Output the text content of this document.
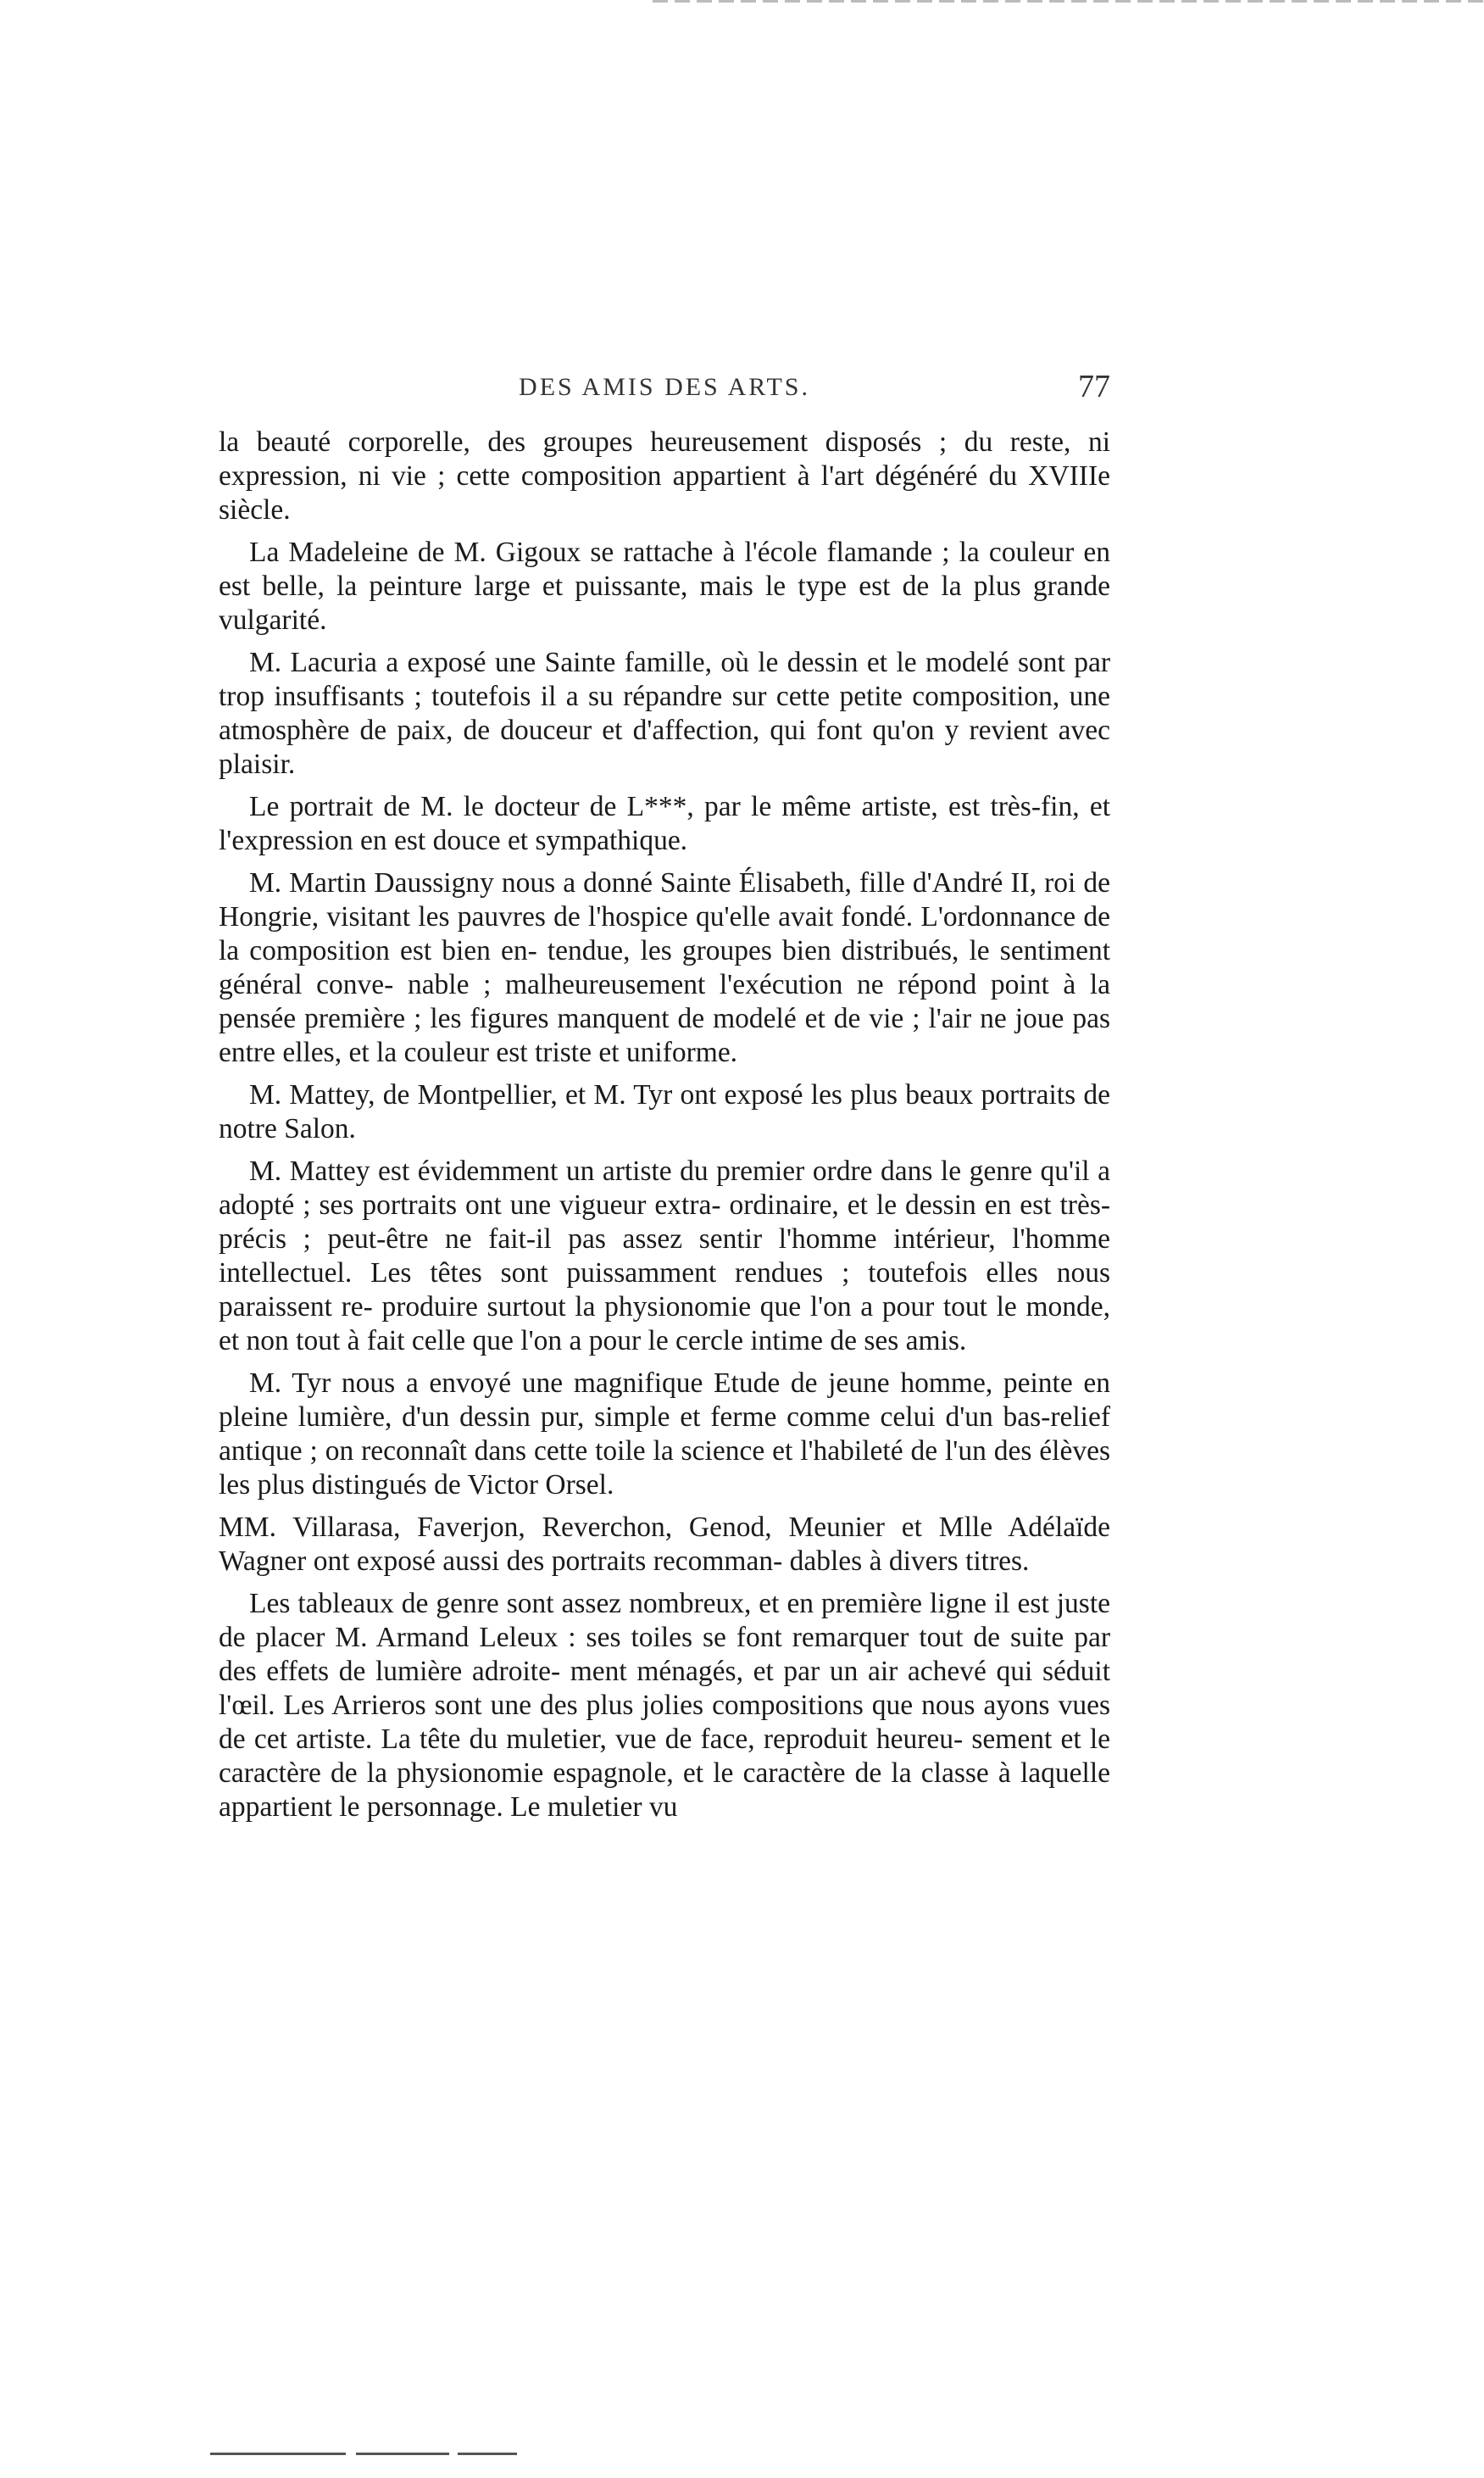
DES AMIS DES ARTS.	77
la beauté corporelle, des groupes heureusement disposés ; du reste, ni expression, ni vie ; cette composition appartient à l'art dégénéré du XVIIIe siècle.
La Madeleine de M. Gigoux se rattache à l'école flamande ; la couleur en est belle, la peinture large et puissante, mais le type est de la plus grande vulgarité.
M. Lacuria a exposé une Sainte famille, où le dessin et le modelé sont par trop insuffisants ; toutefois il a su répandre sur cette petite composition, une atmosphère de paix, de douceur et d'affection, qui font qu'on y revient avec plaisir.
Le portrait de M. le docteur de L***, par le même artiste, est très-fin, et l'expression en est douce et sympathique.
M. Martin Daussigny nous a donné Sainte Élisabeth, fille d'André II, roi de Hongrie, visitant les pauvres de l'hospice qu'elle avait fondé. L'ordonnance de la composition est bien en- tendue, les groupes bien distribués, le sentiment général conve- nable ; malheureusement l'exécution ne répond point à la pensée première ; les figures manquent de modelé et de vie ; l'air ne joue pas entre elles, et la couleur est triste et uniforme.
M. Mattey, de Montpellier, et M. Tyr ont exposé les plus beaux portraits de notre Salon.
M. Mattey est évidemment un artiste du premier ordre dans le genre qu'il a adopté ; ses portraits ont une vigueur extra- ordinaire, et le dessin en est très-précis ; peut-être ne fait-il pas assez sentir l'homme intérieur, l'homme intellectuel. Les têtes sont puissamment rendues ; toutefois elles nous paraissent re- produire surtout la physionomie que l'on a pour tout le monde, et non tout à fait celle que l'on a pour le cercle intime de ses amis.
M. Tyr nous a envoyé une magnifique Etude de jeune homme, peinte en pleine lumière, d'un dessin pur, simple et ferme comme celui d'un bas-relief antique ; on reconnaît dans cette toile la science et l'habileté de l'un des élèves les plus distingués de Victor Orsel.
MM. Villarasa, Faverjon, Reverchon, Genod, Meunier et Mlle Adélaïde Wagner ont exposé aussi des portraits recomman- dables à divers titres.
Les tableaux de genre sont assez nombreux, et en première ligne il est juste de placer M. Armand Leleux : ses toiles se font remarquer tout de suite par des effets de lumière adroite- ment ménagés, et par un air achevé qui séduit l'œil. Les Arrieros sont une des plus jolies compositions que nous ayons vues de cet artiste. La tête du muletier, vue de face, reproduit heureu- sement et le caractère de la physionomie espagnole, et le caractère de la classe à laquelle appartient le personnage. Le muletier vu
